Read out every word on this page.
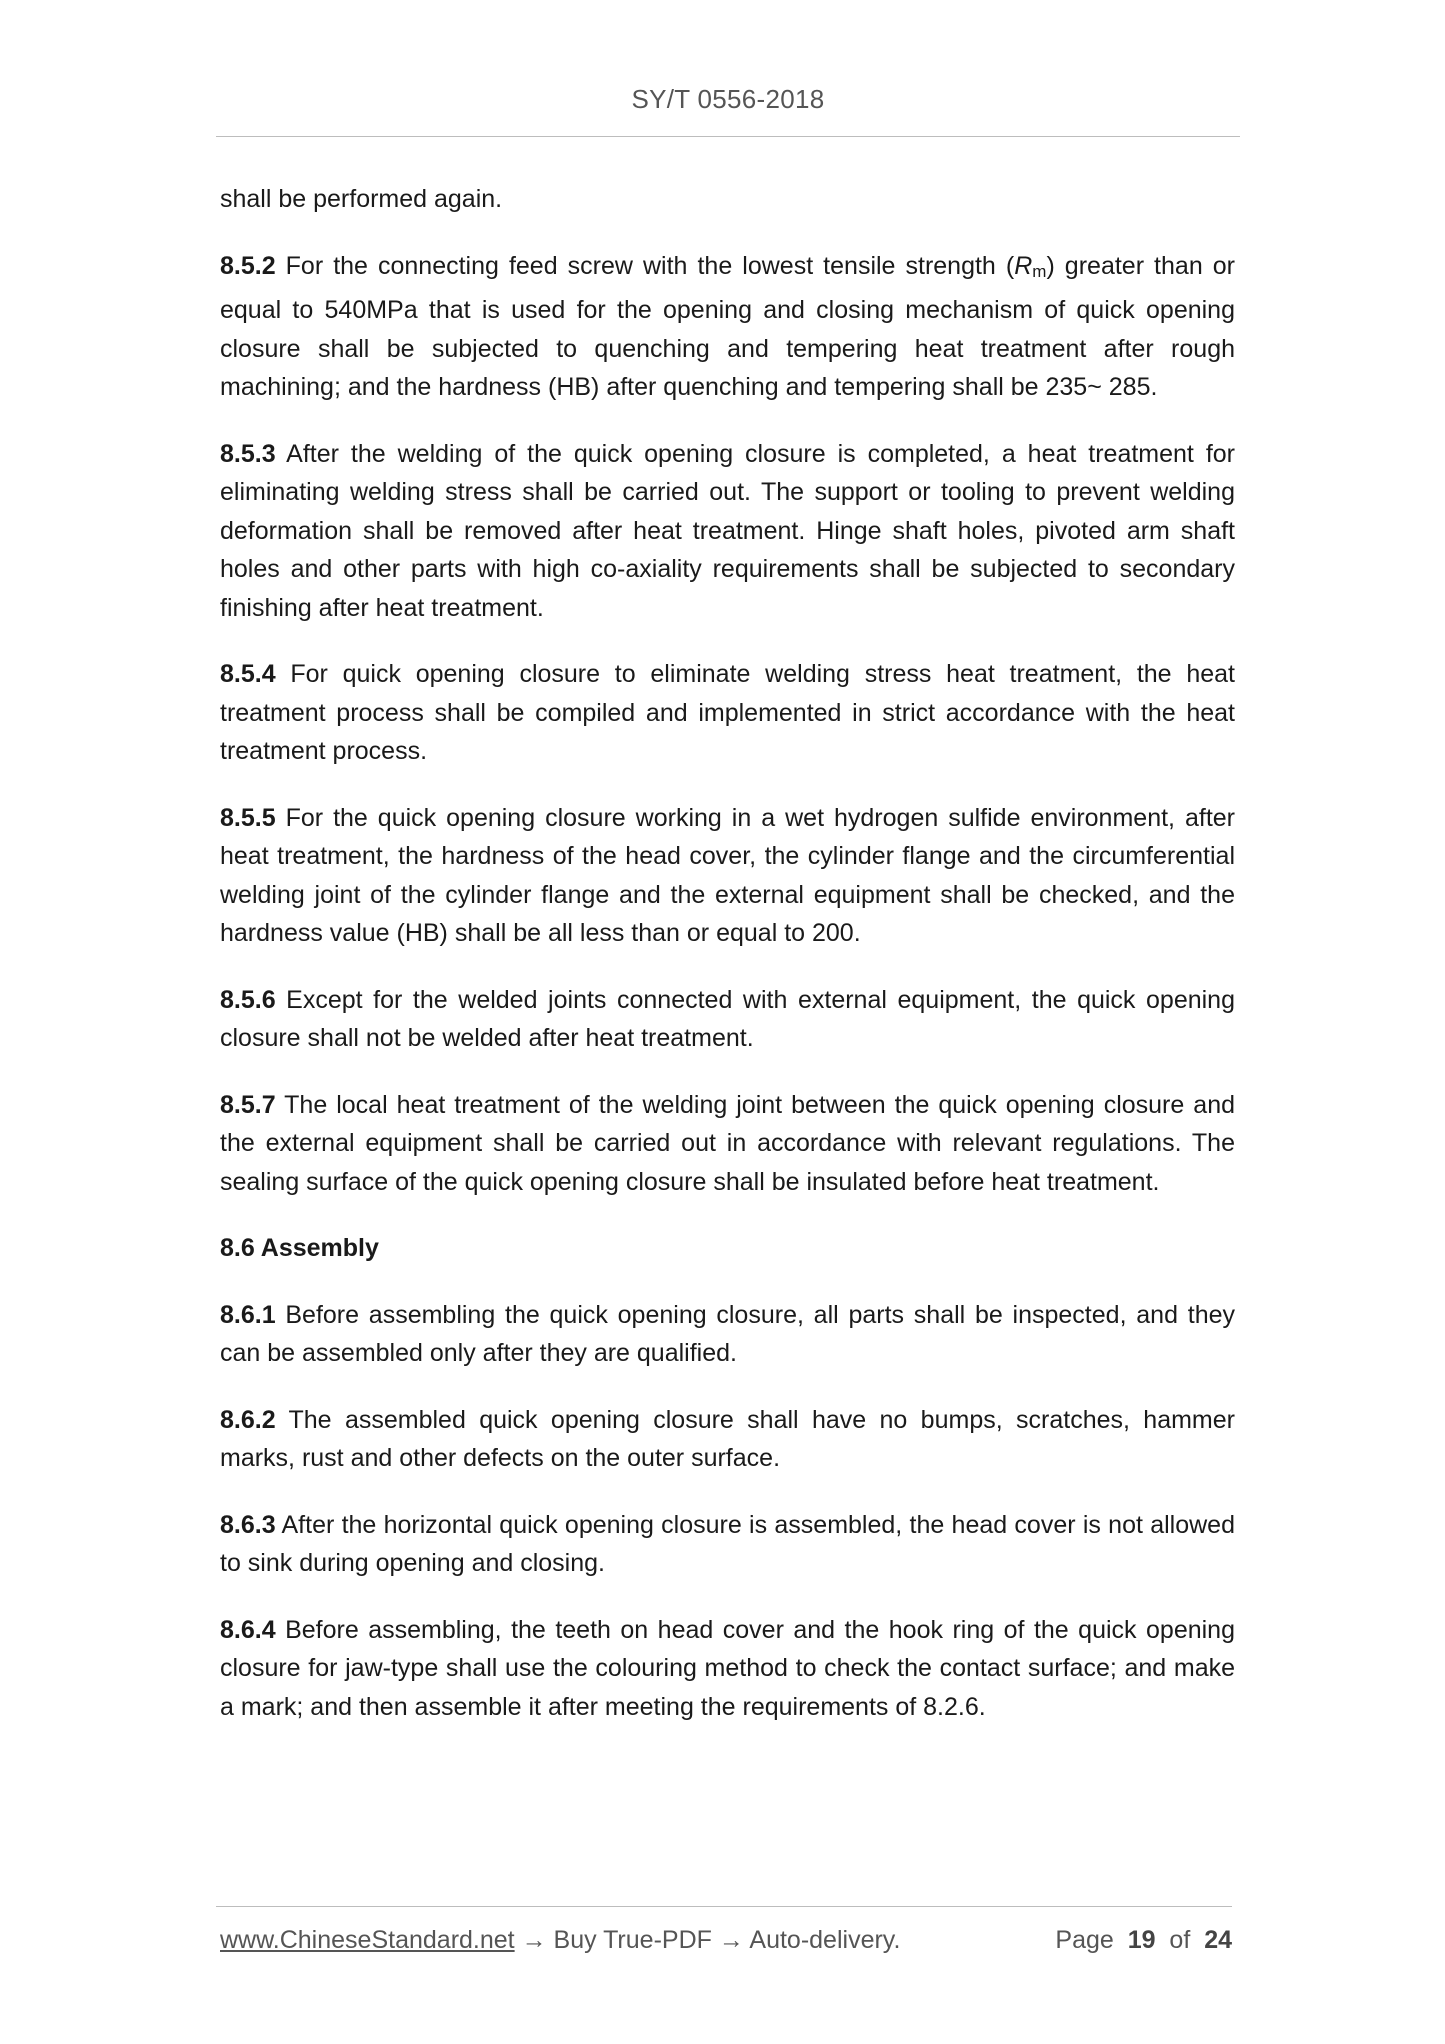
SY/T 0556-2018

shall be performed again.

8.5.2 For the connecting feed screw with the lowest tensile strength (Rm) greater than or equal to 540MPa that is used for the opening and closing mechanism of quick opening closure shall be subjected to quenching and tempering heat treatment after rough machining; and the hardness (HB) after quenching and tempering shall be 235~ 285.

8.5.3 After the welding of the quick opening closure is completed, a heat treatment for eliminating welding stress shall be carried out. The support or tooling to prevent welding deformation shall be removed after heat treatment. Hinge shaft holes, pivoted arm shaft holes and other parts with high co-axiality requirements shall be subjected to secondary finishing after heat treatment.

8.5.4 For quick opening closure to eliminate welding stress heat treatment, the heat treatment process shall be compiled and implemented in strict accordance with the heat treatment process.

8.5.5 For the quick opening closure working in a wet hydrogen sulfide environment, after heat treatment, the hardness of the head cover, the cylinder flange and the circumferential welding joint of the cylinder flange and the external equipment shall be checked, and the hardness value (HB) shall be all less than or equal to 200.

8.5.6 Except for the welded joints connected with external equipment, the quick opening closure shall not be welded after heat treatment.

8.5.7 The local heat treatment of the welding joint between the quick opening closure and the external equipment shall be carried out in accordance with relevant regulations. The sealing surface of the quick opening closure shall be insulated before heat treatment.

8.6 Assembly

8.6.1 Before assembling the quick opening closure, all parts shall be inspected, and they can be assembled only after they are qualified.

8.6.2 The assembled quick opening closure shall have no bumps, scratches, hammer marks, rust and other defects on the outer surface.

8.6.3 After the horizontal quick opening closure is assembled, the head cover is not allowed to sink during opening and closing.

8.6.4 Before assembling, the teeth on head cover and the hook ring of the quick opening closure for jaw-type shall use the colouring method to check the contact surface; and make a mark; and then assemble it after meeting the requirements of 8.2.6.

www.ChineseStandard.net → Buy True-PDF → Auto-delivery.	Page 19 of 24
